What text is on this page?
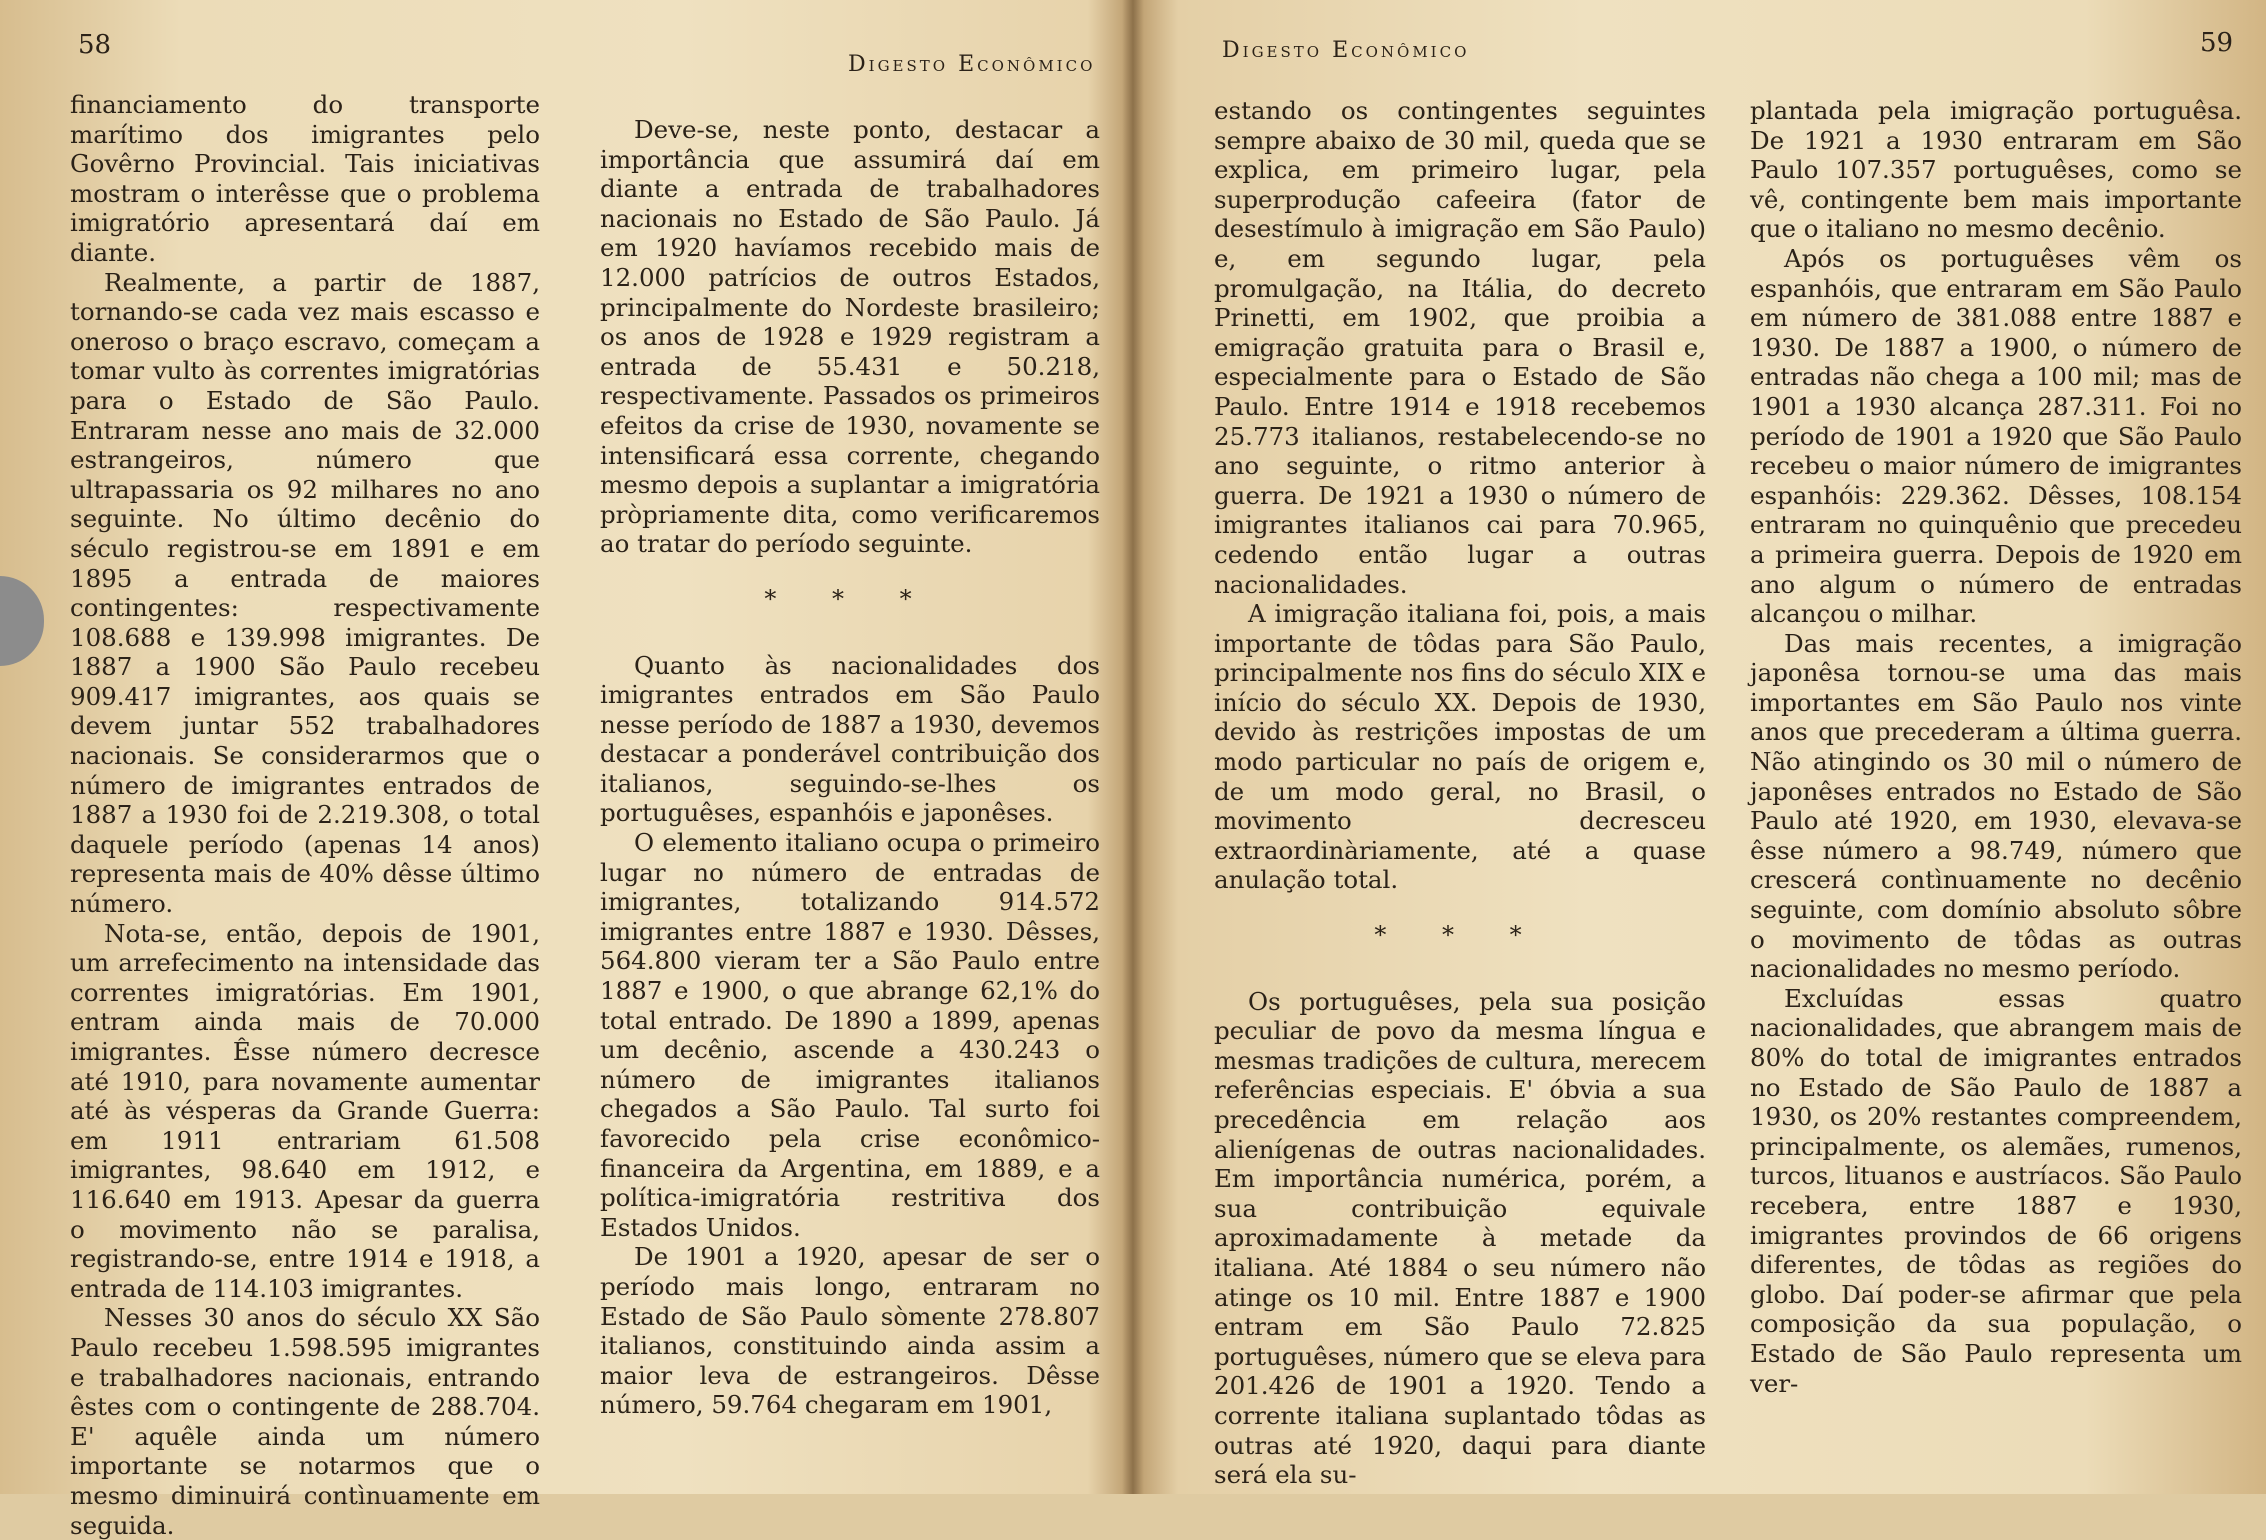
58
Digesto Econômico

financiamento do transporte marítimo dos imigrantes pelo Govêrno Provincial. Tais iniciativas mostram o interêsse que o problema imigratório apresentará daí em diante.

Realmente, a partir de 1887, tornando-se cada vez mais escasso e oneroso o braço escravo, começam a tomar vulto às correntes imigratórias para o Estado de São Paulo. Entraram nesse ano mais de 32.000 estrangeiros, número que ultrapassaria os 92 milhares no ano seguinte. No último decênio do século registrou-se em 1891 e em 1895 a entrada de maiores contingentes: respectivamente 108.688 e 139.998 imigrantes. De 1887 a 1900 São Paulo recebeu 909.417 imigrantes, aos quais se devem juntar 552 trabalhadores nacionais. Se considerarmos que o número de imigrantes entrados de 1887 a 1930 foi de 2.219.308, o total daquele período (apenas 14 anos) representa mais de 40% dêsse último número.

Nota-se, então, depois de 1901, um arrefecimento na intensidade das correntes imigratórias. Em 1901, entram ainda mais de 70.000 imigrantes. Êsse número decresce até 1910, para novamente aumentar até às vésperas da Grande Guerra: em 1911 entrariam 61.508 imigrantes, 98.640 em 1912, e 116.640 em 1913. Apesar da guerra o movimento não se paralisa, registrando-se, entre 1914 e 1918, a entrada de 114.103 imigrantes.

Nesses 30 anos do século XX São Paulo recebeu 1.598.595 imigrantes e trabalhadores nacionais, entrando êstes com o contingente de 288.704. E' aquêle ainda um número importante se notarmos que o mesmo diminuirá contìnuamente em seguida.

Deve-se, neste ponto, destacar a importância que assumirá daí em diante a entrada de trabalhadores nacionais no Estado de São Paulo. Já em 1920 havíamos recebido mais de 12.000 patrícios de outros Estados, principalmente do Nordeste brasileiro; os anos de 1928 e 1929 registram a entrada de 55.431 e 50.218, respectivamente. Passados os primeiros efeitos da crise de 1930, novamente se intensificará essa corrente, chegando mesmo depois a suplantar a imigratória pròpriamente dita, como verificaremos ao tratar do período seguinte.

* * *

Quanto às nacionalidades dos imigrantes entrados em São Paulo nesse período de 1887 a 1930, devemos destacar a ponderável contribuição dos italianos, seguindo-se-lhes os portuguêses, espanhóis e japonêses.

O elemento italiano ocupa o primeiro lugar no número de entradas de imigrantes, totalizando 914.572 imigrantes entre 1887 e 1930. Dêsses, 564.800 vieram ter a São Paulo entre 1887 e 1900, o que abrange 62,1% do total entrado. De 1890 a 1899, apenas um decênio, ascende a 430.243 o número de imigrantes italianos chegados a São Paulo. Tal surto foi favorecido pela crise econômico-financeira da Argentina, em 1889, e a política-imigratória restritiva dos Estados Unidos.

De 1901 a 1920, apesar de ser o período mais longo, entraram no Estado de São Paulo sòmente 278.807 italianos, constituindo ainda assim a maior leva de estrangeiros. Dêsse número, 59.764 chegaram em 1901,

Digesto Econômico	59

estando os contingentes seguintes sempre abaixo de 30 mil, queda que se explica, em primeiro lugar, pela superprodução cafeeira (fator de desestímulo à imigração em São Paulo) e, em segundo lugar, pela promulgação, na Itália, do decreto Prinetti, em 1902, que proibia a emigração gratuita para o Brasil e, especialmente para o Estado de São Paulo. Entre 1914 e 1918 recebemos 25.773 italianos, restabelecendo-se no ano seguinte, o ritmo anterior à guerra. De 1921 a 1930 o número de imigrantes italianos cai para 70.965, cedendo então lugar a outras nacionalidades.

A imigração italiana foi, pois, a mais importante de tôdas para São Paulo, principalmente nos fins do século XIX e início do século XX. Depois de 1930, devido às restrições impostas de um modo particular no país de origem e, de um modo geral, no Brasil, o movimento decresceu extraordinàriamente, até a quase anulação total.

* * *

Os portuguêses, pela sua posição peculiar de povo da mesma língua e mesmas tradições de cultura, merecem referências especiais. E' óbvia a sua precedência em relação aos alienígenas de outras nacionalidades. Em importância numérica, porém, a sua contribuição equivale aproximadamente à metade da italiana. Até 1884 o seu número não atinge os 10 mil. Entre 1887 e 1900 entram em São Paulo 72.825 portuguêses, número que se eleva para 201.426 de 1901 a 1920. Tendo a corrente italiana suplantado tôdas as outras até 1920, daqui para diante será ela su-

plantada pela imigração portuguêsa. De 1921 a 1930 entraram em São Paulo 107.357 portuguêses, como se vê, contingente bem mais importante que o italiano no mesmo decênio.

Após os portuguêses vêm os espanhóis, que entraram em São Paulo em número de 381.088 entre 1887 e 1930. De 1887 a 1900, o número de entradas não chega a 100 mil; mas de 1901 a 1930 alcança 287.311. Foi no período de 1901 a 1920 que São Paulo recebeu o maior número de imigrantes espanhóis: 229.362. Dêsses, 108.154 entraram no quinquênio que precedeu a primeira guerra. Depois de 1920 em ano algum o número de entradas alcançou o milhar.

Das mais recentes, a imigração japonêsa tornou-se uma das mais importantes em São Paulo nos vinte anos que precederam a última guerra. Não atingindo os 30 mil o número de japonêses entrados no Estado de São Paulo até 1920, em 1930, elevava-se êsse número a 98.749, número que crescerá contìnuamente no decênio seguinte, com domínio absoluto sôbre o movimento de tôdas as outras nacionalidades no mesmo período.

Excluídas essas quatro nacionalidades, que abrangem mais de 80% do total de imigrantes entrados no Estado de São Paulo de 1887 a 1930, os 20% restantes compreendem, principalmente, os alemães, rumenos, turcos, lituanos e austríacos. São Paulo recebera, entre 1887 e 1930, imigrantes provindos de 66 origens diferentes, de tôdas as regiões do globo. Daí poder-se afirmar que pela composição da sua população, o Estado de São Paulo representa um ver-
